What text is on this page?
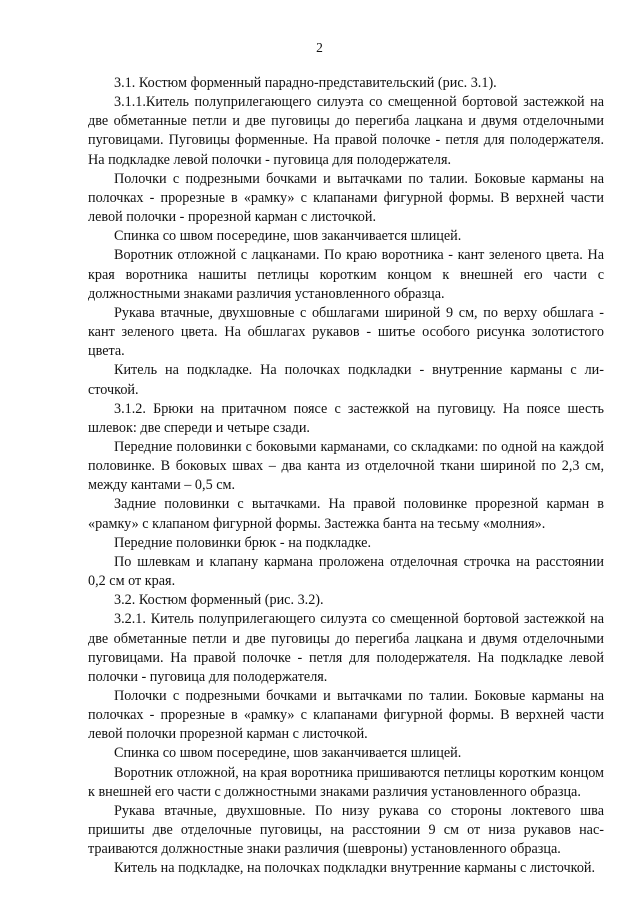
2

3.1. Костюм форменный парадно-представительский (рис. 3.1).

3.1.1.Китель полуприлегающего силуэта со смещенной бортовой застежкой на две обметанные петли и две пуговицы до перегиба лацкана и двумя отделочными пуговицами. Пуговицы форменные. На правой полочке - петля для полодержателя. На подкладке левой полочки - пуговица для полодержателя.

Полочки с подрезными бочками и вытачками по талии. Боковые карманы на полочках - прорезные в «рамку» с клапанами фигурной формы. В верхней части левой полочки - прорезной карман с листочкой.

Спинка со швом посередине, шов заканчивается шлицей.

Воротник отложной с лацканами. По краю воротника - кант зеленого цвета. На края воротника нашиты петлицы коротким концом к внешней его части с должностными знаками различия установленного образца.

Рукава втачные, двухшовные с обшлагами шириной 9 см, по верху обшлага - кант зеленого цвета. На обшлагах рукавов - шитье особого рисунка золотистого цвета.

Китель на подкладке. На полочках подкладки - внутренние карманы с листочкой.

3.1.2. Брюки на притачном поясе с застежкой на пуговицу. На поясе шесть шлевок: две спереди и четыре сзади.

Передние половинки с боковыми карманами, со складками: по одной на каждой половинке. В боковых швах – два канта из отделочной ткани шириной по 2,3 см, между кантами – 0,5 см.

Задние половинки с вытачками. На правой половинке прорезной карман в «рамку» с клапаном фигурной формы. Застежка банта на тесьму «молния».

Передние половинки брюк - на подкладке.

По шлевкам и клапану кармана проложена отделочная строчка на расстоянии 0,2 см от края.

3.2. Костюм форменный (рис. 3.2).

3.2.1. Китель полуприлегающего силуэта со смещенной бортовой застежкой на две обметанные петли и две пуговицы до перегиба лацкана и двумя отделочными пуговицами. На правой полочке - петля для полодержателя. На подкладке левой полочки - пуговица для полодержателя.

Полочки с подрезными бочками и вытачками по талии. Боковые карманы на полочках - прорезные в «рамку» с клапанами фигурной формы. В верхней части левой полочки прорезной карман с листочкой.

Спинка со швом посередине, шов заканчивается шлицей.

Воротник отложной, на края воротника пришиваются петлицы коротким концом к внешней его части с должностными знаками различия установленного образца.

Рукава втачные, двухшовные. По низу рукава со стороны локтевого шва пришиты две отделочные пуговицы, на расстоянии 9 см от низа рукавов настраиваются должностные знаки различия (шевроны) установленного образца.

Китель на подкладке, на полочках подкладки внутренние карманы с листочкой.
